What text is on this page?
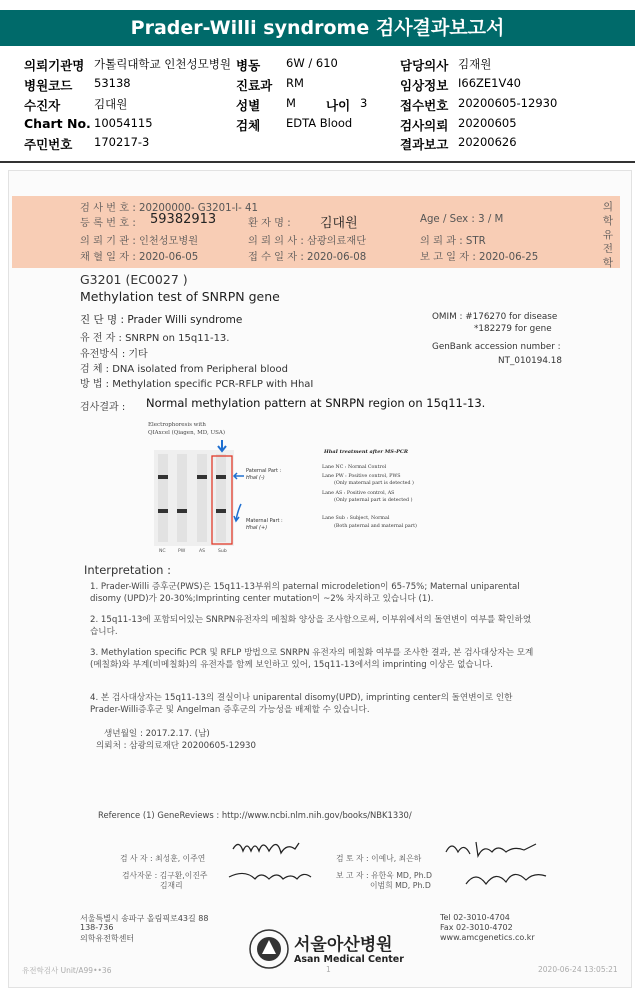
Prader-Willi syndrome 검사결과보고서
의뢰기관명 가톨릭대학교 인천성모병원 병동 6W / 610	담당의사 김재원
병원코드 53138	진료과 RM	임상정보 I66ZE1V40
수진자	김대원	성별 M 나이 3	접수번호 20200605-12930
Chart No. 10054115	검체 EDTA Blood	검사의뢰 20200605
주민번호 170217-3	결과보고 20200626
검 사 번 호 : 20200000- G3201-l- 41
등 록 번 호 : 59382913	환 자 명 : 김대원	Age / Sex : 3 / M
의 뢰 기 관 : 인천성모병원	의 뢰 의 사 : 삼광의료재단	의 뢰 과 : STR
채 혈 일 자 : 2020-06-05	접 수 일 자 : 2020-06-08	보 고 일 자 : 2020-06-25
의학유전학
G3201 (EC0027 )
Methylation test of SNRPN gene
진 단 명 : Prader Willi syndrome
유 전 자 : SNRPN on 15q11-13.
유전방식 : 기타
검 체 : DNA isolated from Peripheral blood
방 법 : Methylation specific PCR-RFLP with HhaI
OMIM : #176270 for disease
*182279 for gene
GenBank accession number :
NT_010194.18
검사결과 : Normal methylation pattern at SNRPN region on 15q11-13.
Electrophoresis with
QIAxcel (Qiagen, MD, USA)
NC	PW	AS	Sub
Paternal Part :
HhaI (-)
Maternal Part :
HhaI (+)
HhaI treatment after MS-PCR
Lane NC : Normal Control
Lane PW : Positive control, PWS
(Only maternal part is detected )
Lane AS : Positive control, AS
(Only paternal part is detected )
Lane Sub : Subject, Normal
(Both paternal and maternal part)
Interpretation :
1. Prader-Willi 증후군(PWS)은 15q11-13부위의 paternal microdeletion이 65-75%; Maternal uniparental disomy (UPD)가 20-30%;Imprinting center mutation이 ~2% 차지하고 있습니다 (1).
2. 15q11-13에 포함되어있는 SNRPN유전자의 메칠화 양상을 조사함으로써, 이부위에서의 돌연변이 여부를 확인하였습니다.
3. Methylation specific PCR 및 RFLP 방법으로 SNRPN 유전자의 메칠화 여부를 조사한 결과, 본 검사대상자는 모계(메칠화)와 부계(비메칠화)의 유전자를 함께 보인하고 있어, 15q11-13에서의 imprinting 이상은 없습니다.
4. 본 검사대상자는 15q11-13의 결실이나 uniparental disomy(UPD), imprinting center의 돌연변이로 인한 Prader-Willi증후군 및 Angelman 증후군의 가능성을 배제할 수 있습니다.
생년월일 : 2017.2.17. (남)
의뢰처 : 삼광의료재단 20200605-12930
Reference (1) GeneReviews : http://www.ncbi.nlm.nih.gov/books/NBK1330/
검 사 자 : 최성훈, 이주연
검사자문 : 김구환,이진주
김재리
검 토 자 : 이예나, 최은하
보 고 자 : 유한욱 MD, Ph.D
이범희 MD, Ph.D
서울특별시 송파구 올림픽로43길 88
138-736
의학유전학센터
Tel 02-3010-4704
Fax 02-3010-4702
www.amcgenetics.co.kr
서울아산병원
Asan Medical Center
유전학검사 Unit/A99••36	1	2020-06-24 13:05:21
